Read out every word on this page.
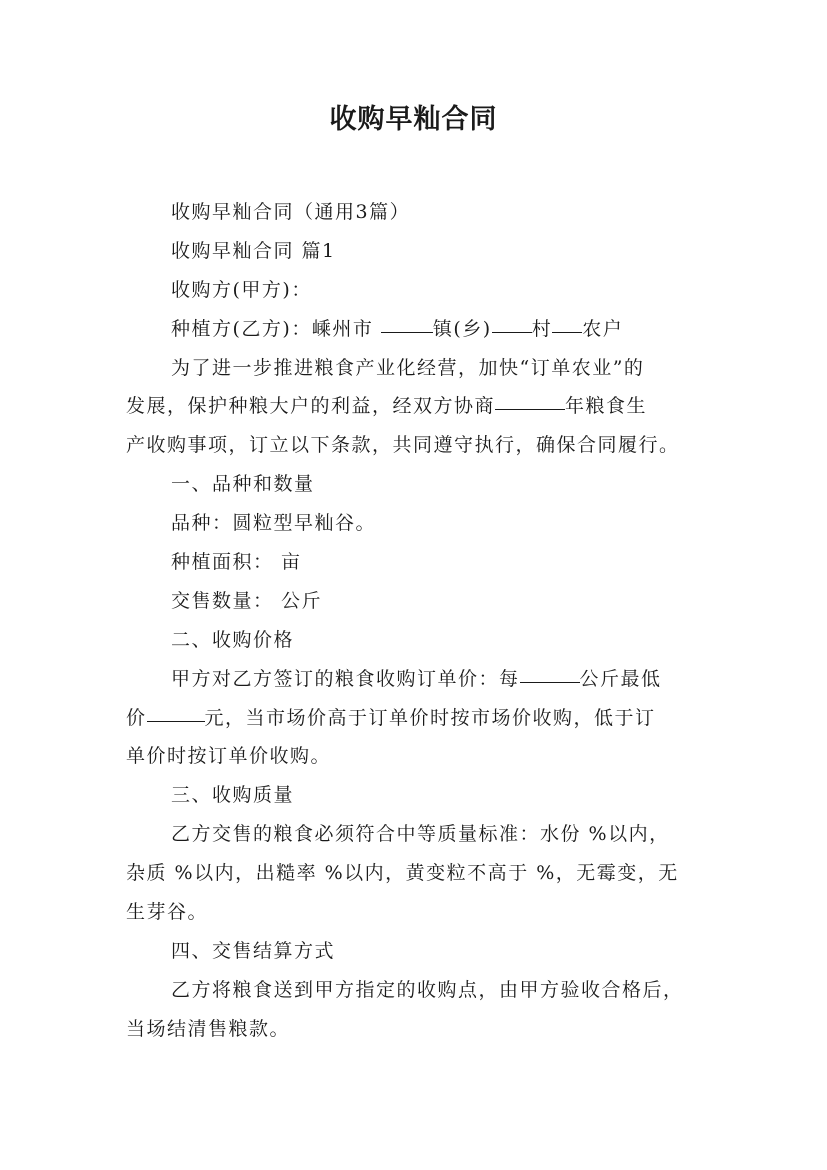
收购早籼合同
收购早籼合同（通用3篇）
收购早籼合同 篇1
收购方(甲方)：
种植方(乙方)：嵊州市	镇(乡) 村 农户
为了进一步推进粮食产业化经营，加快“订单农业”的
发展，保护种粮大户的利益，经双方协商	年粮食生
产收购事项，订立以下条款，共同遵守执行，确保合同履行。
一、品种和数量
品种：圆粒型早籼谷。
种植面积： 亩
交售数量： 公斤
二、收购价格
甲方对乙方签订的粮食收购订单价：每	公斤最低
价	元，当市场价高于订单价时按市场价收购，低于订
单价时按订单价收购。
三、收购质量
乙方交售的粮食必须符合中等质量标准：水份 %以内，
杂质 %以内，出糙率 %以内，黄变粒不高于 %，无霉变，无
生芽谷。
四、交售结算方式
乙方将粮食送到甲方指定的收购点，由甲方验收合格后，
当场结清售粮款。
